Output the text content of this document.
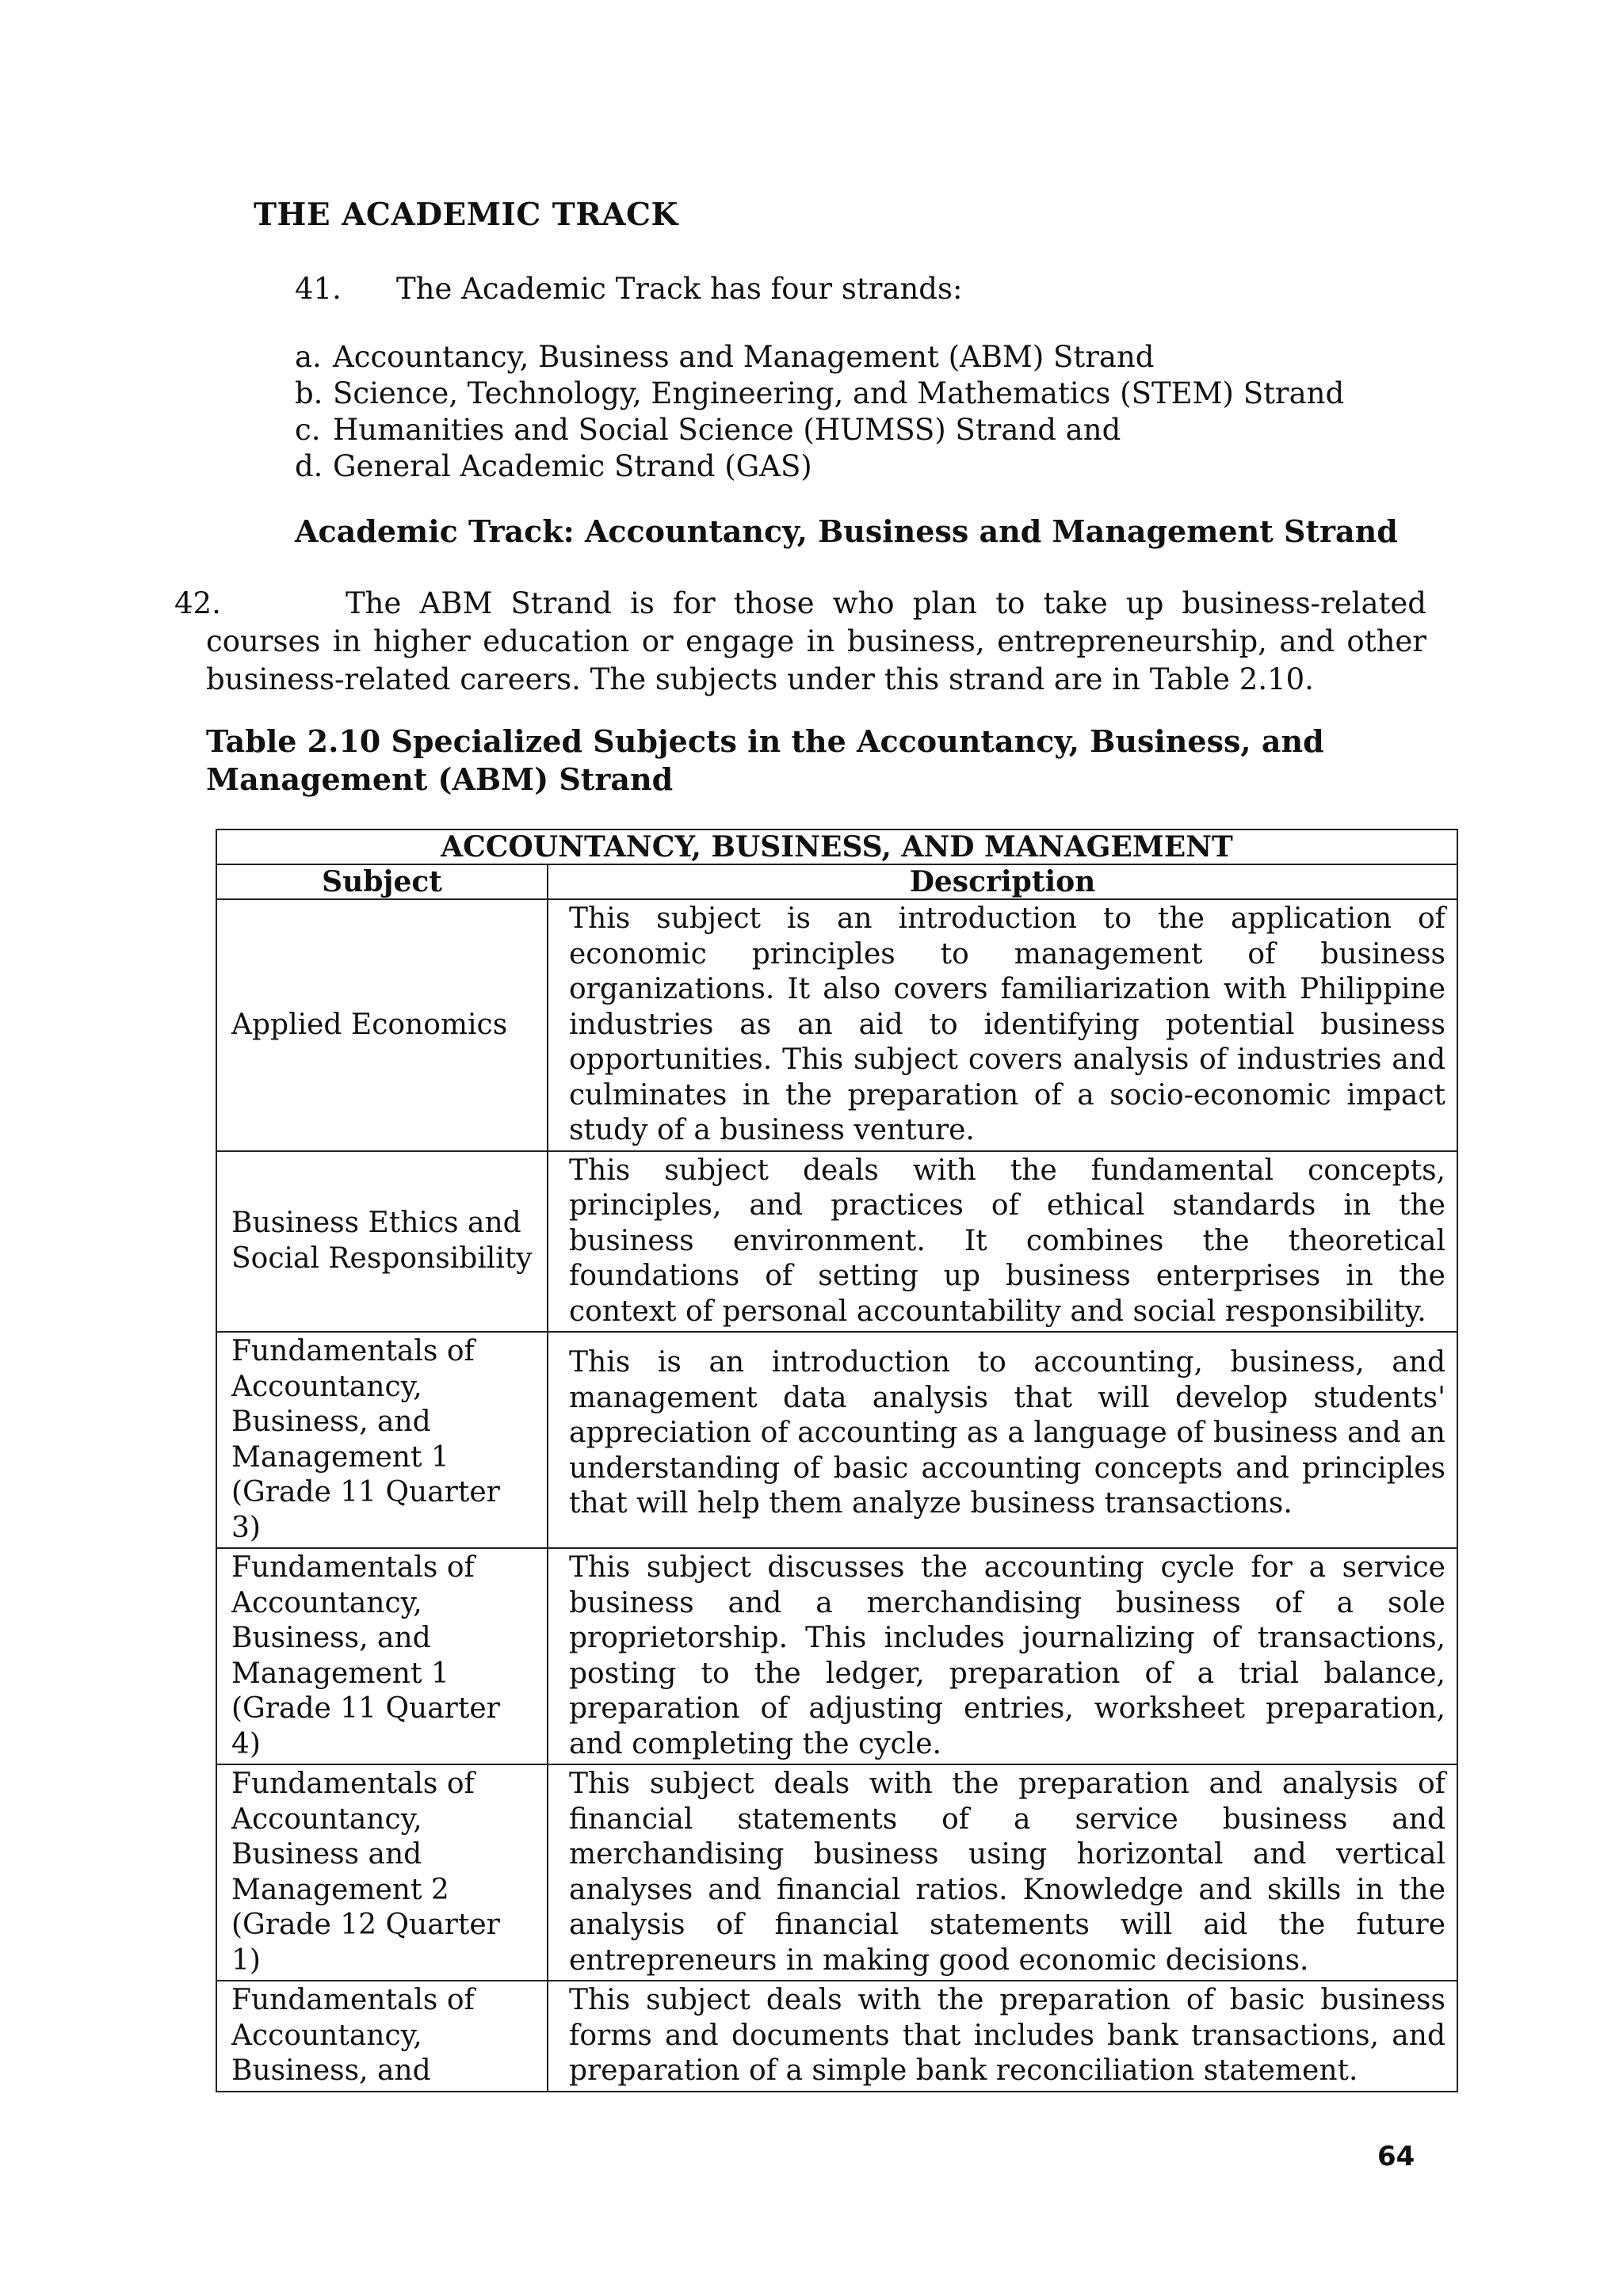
THE ACADEMIC TRACK
41. The Academic Track has four strands:
a. Accountancy, Business and Management (ABM) Strand
b. Science, Technology, Engineering, and Mathematics (STEM) Strand
c. Humanities and Social Science (HUMSS) Strand and
d. General Academic Strand (GAS)
Academic Track: Accountancy, Business and Management Strand
42.	The ABM Strand is for those who plan to take up business-related courses in higher education or engage in business, entrepreneurship, and other business-related careers. The subjects under this strand are in Table 2.10.
Table 2.10 Specialized Subjects in the Accountancy, Business, and Management (ABM) Strand
ACCOUNTANCY, BUSINESS, AND MANAGEMENT	
Subject	Description
Applied Economics	This subject is an introduction to the application of economic principles to management of business organizations. It also covers familiarization with Philippine industries as an aid to identifying potential business opportunities. This subject covers analysis of industries and culminates in the preparation of a socio-economic impact study of a business venture.
Business Ethics and Social Responsibility	This subject deals with the fundamental concepts, principles, and practices of ethical standards in the business environment. It combines the theoretical foundations of setting up business enterprises in the context of personal accountability and social responsibility.
Fundamentals of Accountancy, Business, and Management 1 (Grade 11 Quarter 3)	This is an introduction to accounting, business, and management data analysis that will develop students' appreciation of accounting as a language of business and an understanding of basic accounting concepts and principles that will help them analyze business transactions.
Fundamentals of Accountancy, Business, and Management 1 (Grade 11 Quarter 4)	This subject discusses the accounting cycle for a service business and a merchandising business of a sole proprietorship. This includes journalizing of transactions, posting to the ledger, preparation of a trial balance, preparation of adjusting entries, worksheet preparation, and completing the cycle.
Fundamentals of Accountancy, Business and Management 2 (Grade 12 Quarter 1)	This subject deals with the preparation and analysis of financial statements of a service business and merchandising business using horizontal and vertical analyses and financial ratios. Knowledge and skills in the analysis of financial statements will aid the future entrepreneurs in making good economic decisions.
Fundamentals of Accountancy, Business, and	This subject deals with the preparation of basic business forms and documents that includes bank transactions, and preparation of a simple bank reconciliation statement.
64
